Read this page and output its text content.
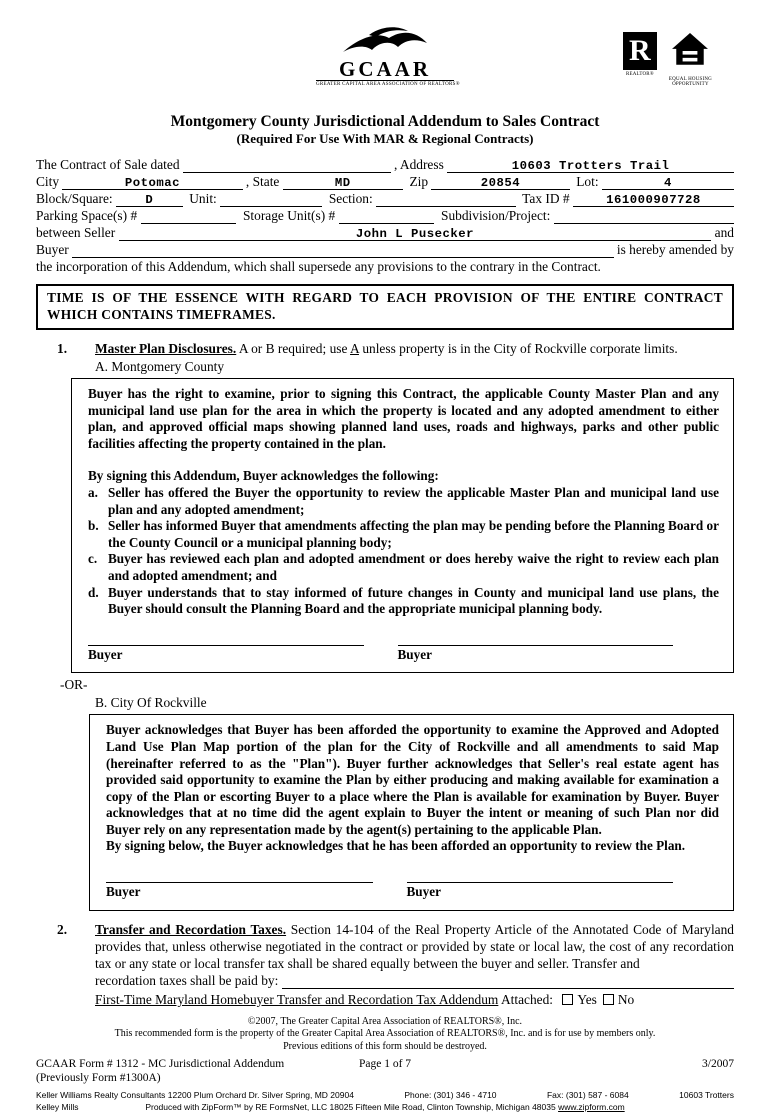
GCAAR
GREATER CAPITAL AREA ASSOCIATION OF REALTORS®
R
REALTOR®
EQUAL HOUSING
OPPORTUNITY
Montgomery County Jurisdictional Addendum to Sales Contract
(Required For Use With MAR & Regional Contracts)
The Contract of Sale dated	, Address	10603 Trotters Trail
City	Potomac	, State	MD	Zip	20854	Lot:	4
Block/Square:	D	Unit:	Section:	Tax ID #	161000907728
Parking Space(s) #	Storage Unit(s) #	Subdivision/Project:
between Seller	John L Pusecker	and
Buyer	is hereby amended by
the incorporation of this Addendum, which shall supersede any provisions to the contrary in the Contract.
TIME IS OF THE ESSENCE WITH REGARD TO EACH PROVISION OF THE ENTIRE CONTRACT WHICH CONTAINS TIMEFRAMES.
1.	Master Plan Disclosures. A or B required; use A unless property is in the City of Rockville corporate limits.
A. Montgomery County
Buyer has the right to examine, prior to signing this Contract, the applicable County Master Plan and any municipal land use plan for the area in which the property is located and any adopted amendment to either plan, and approved official maps showing planned land uses, roads and highways, parks and other public facilities affecting the property contained in the plan.
By signing this Addendum, Buyer acknowledges the following:
a. Seller has offered the Buyer the opportunity to review the applicable Master Plan and municipal land use plan and any adopted amendment;
b. Seller has informed Buyer that amendments affecting the plan may be pending before the Planning Board or the County Council or a municipal planning body;
c. Buyer has reviewed each plan and adopted amendment or does hereby waive the right to review each plan and adopted amendment; and
d. Buyer understands that to stay informed of future changes in County and municipal land use plans, the Buyer should consult the Planning Board and the appropriate municipal planning body.
Buyer	Buyer
-OR-
B. City Of Rockville
Buyer acknowledges that Buyer has been afforded the opportunity to examine the Approved and Adopted Land Use Plan Map portion of the plan for the City of Rockville and all amendments to said Map (hereinafter referred to as the "Plan"). Buyer further acknowledges that Seller's real estate agent has provided said opportunity to examine the Plan by either producing and making available for examination a copy of the Plan or escorting Buyer to a place where the Plan is available for examination by Buyer. Buyer acknowledges that at no time did the agent explain to Buyer the intent or meaning of such Plan nor did Buyer rely on any representation made by the agent(s) pertaining to the applicable Plan.
By signing below, the Buyer acknowledges that he has been afforded an opportunity to review the Plan.
Buyer	Buyer
2.	Transfer and Recordation Taxes. Section 14-104 of the Real Property Article of the Annotated Code of Maryland provides that, unless otherwise negotiated in the contract or provided by state or local law, the cost of any recordation tax or any state or local transfer tax shall be shared equally between the buyer and seller. Transfer and
recordation taxes shall be paid by:
First-Time Maryland Homebuyer Transfer and Recordation Tax Addendum Attached: Yes No
©2007, The Greater Capital Area Association of REALTORS®, Inc.
This recommended form is the property of the Greater Capital Area Association of REALTORS®, Inc. and is for use by members only.
Previous editions of this form should be destroyed.
GCAAR Form # 1312 - MC Jurisdictional Addendum	Page 1 of 7	3/2007
(Previously Form #1300A)
Keller Williams Realty Consultants 12200 Plum Orchard Dr. Silver Spring, MD 20904	Phone: (301) 346 - 4710	Fax: (301) 587 - 6084	10603 Trotters
Kelley Mills	Produced with ZipForm™ by RE FormsNet, LLC 18025 Fifteen Mile Road, Clinton Township, Michigan 48035 www.zipform.com
